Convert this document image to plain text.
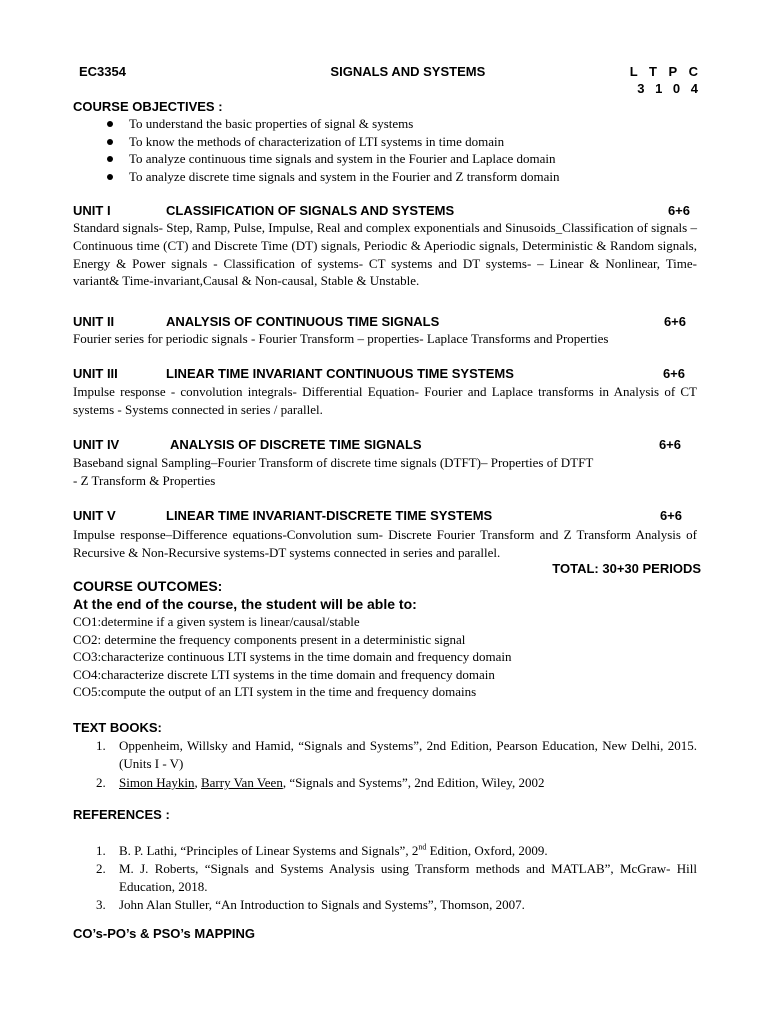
EC3354	SIGNALS AND SYSTEMS	L T P C
3 1 0 4
COURSE OBJECTIVES :
To understand the basic properties of signal & systems
To know the methods of characterization of LTI systems in time domain
To analyze continuous time signals and system in the Fourier and Laplace domain
To analyze discrete time signals and system in the Fourier and Z transform domain
UNIT I	CLASSIFICATION OF SIGNALS AND SYSTEMS	6+6
Standard signals- Step, Ramp, Pulse, Impulse, Real and complex exponentials and Sinusoids_Classification of signals – Continuous time (CT) and Discrete Time (DT) signals, Periodic & Aperiodic signals, Deterministic & Random signals, Energy & Power signals - Classification of systems- CT systems and DT systems- – Linear & Nonlinear, Time-variant& Time-invariant,Causal & Non-causal, Stable & Unstable.
UNIT II	ANALYSIS OF CONTINUOUS TIME SIGNALS	6+6
Fourier series for periodic signals - Fourier Transform – properties- Laplace Transforms and Properties
UNIT III	LINEAR TIME INVARIANT CONTINUOUS TIME SYSTEMS	6+6
Impulse response - convolution integrals- Differential Equation- Fourier and Laplace transforms in Analysis of CT systems - Systems connected in series / parallel.
UNIT IV	ANALYSIS OF DISCRETE TIME SIGNALS	6+6
Baseband signal Sampling–Fourier Transform of discrete time signals (DTFT)– Properties of DTFT
- Z Transform & Properties
UNIT V	LINEAR TIME INVARIANT-DISCRETE TIME SYSTEMS	6+6
Impulse response–Difference equations-Convolution sum- Discrete Fourier Transform and Z Transform Analysis of Recursive & Non-Recursive systems-DT systems connected in series and parallel.
TOTAL: 30+30 PERIODS
COURSE OUTCOMES:
At the end of the course, the student will be able to:
CO1:determine if a given system is linear/causal/stable
CO2: determine the frequency components present in a deterministic signal
CO3:characterize continuous LTI systems in the time domain and frequency domain
CO4:characterize discrete LTI systems in the time domain and frequency domain
CO5:compute the output of an LTI system in the time and frequency domains
TEXT BOOKS:
1. Oppenheim, Willsky and Hamid, “Signals and Systems”, 2nd Edition, Pearson Education, New Delhi, 2015.(Units I - V)
2. Simon Haykin, Barry Van Veen, “Signals and Systems”, 2nd Edition, Wiley, 2002
REFERENCES :
1. B. P. Lathi, “Principles of Linear Systems and Signals”, 2nd Edition, Oxford, 2009.
2. M. J. Roberts, “Signals and Systems Analysis using Transform methods and MATLAB”, McGraw- Hill Education, 2018.
3. John Alan Stuller, “An Introduction to Signals and Systems”, Thomson, 2007.
CO’s-PO’s & PSO’s MAPPING
